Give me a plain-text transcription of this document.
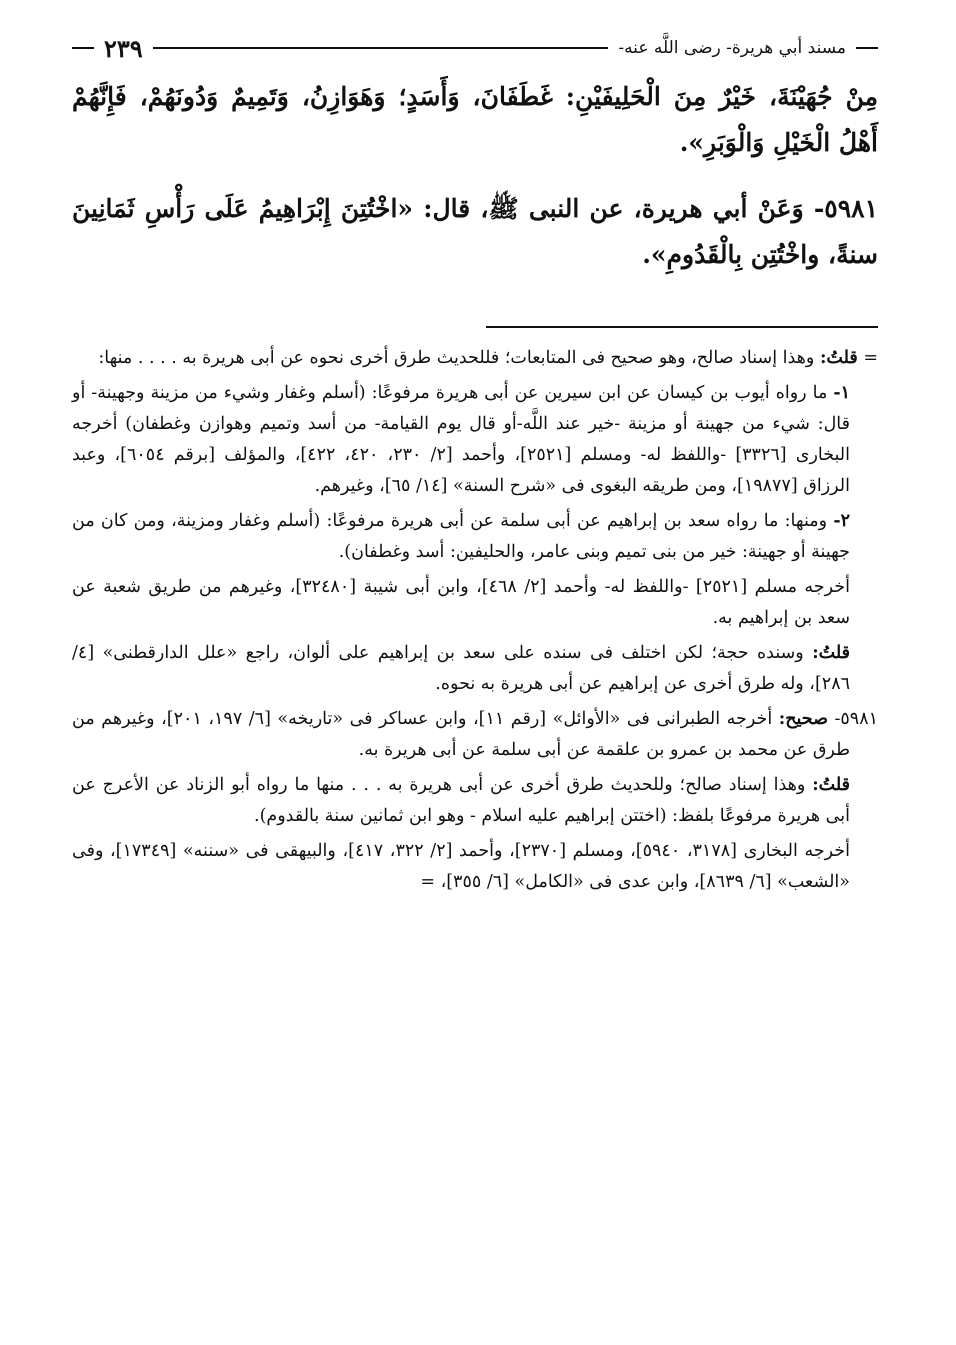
مسند أبي هريرة- رضى اللَّه عنه-
٢٣٩

مِنْ جُهَيْنَةَ، خَيْرٌ مِنَ الْحَلِيفَيْنِ: غَطَفَانَ، وَأَسَدٍ؛ وَهَوَازِنُ، وَتَمِيمٌ وَدُونَهُمْ، فَإِنَّهُمْ أَهْلُ الْخَيْلِ وَالْوَبَرِ».

٥٩٨١- وَعَنْ أبي هريرة، عن النبى ﷺ، قال: «اخْتُتِنَ إِبْرَاهِيمُ عَلَى رَأْسِ ثَمَانِينَ سنةً، واخْتُتِن بِالْقَدُومِ».

= قلتُ: وهذا إسناد صالح، وهو صحيح فى المتابعات؛ فللحديث طرق أخرى نحوه عن أبى هريرة به . . . . منها:

١- ما رواه أيوب بن كيسان عن ابن سيرين عن أبى هريرة مرفوعًا: (أسلم وغفار وشيء من مزينة وجهينة- أو قال: شيء من جهينة أو مزينة -خير عند اللَّه-أو قال يوم القيامة- من أسد وتميم وهوازن وغطفان) أخرجه البخارى [٣٣٢٦] -واللفظ له- ومسلم [٢٥٢١]، وأحمد [٢/ ٢٣٠، ٤٢٠، ٤٢٢]، والمؤلف [برقم ٦٠٥٤]، وعبد الرزاق [١٩٨٧٧]، ومن طريقه البغوى فى «شرح السنة» [١٤/ ٦٥]، وغيرهم.

٢- ومنها: ما رواه سعد بن إبراهيم عن أبى سلمة عن أبى هريرة مرفوعًا: (أسلم وغفار ومزينة، ومن كان من جهينة أو جهينة: خير من بنى تميم وبنى عامر، والحليفين: أسد وغطفان).

أخرجه مسلم [٢٥٢١] -واللفظ له- وأحمد [٢/ ٤٦٨]، وابن أبى شيبة [٣٢٤٨٠]، وغيرهم من طريق شعبة عن سعد بن إبراهيم به.

قلتُ: وسنده حجة؛ لكن اختلف فى سنده على سعد بن إبراهيم على ألوان، راجع «علل الدارقطنى» [٤/ ٢٨٦]، وله طرق أخرى عن إبراهيم عن أبى هريرة به نحوه.

٥٩٨١- صحيح: أخرجه الطبرانى فى «الأوائل» [رقم ١١]، وابن عساكر فى «تاريخه» [٦/ ١٩٧، ٢٠١]، وغيرهم من طرق عن محمد بن عمرو بن علقمة عن أبى سلمة عن أبى هريرة به.

قلتُ: وهذا إسناد صالح؛ وللحديث طرق أخرى عن أبى هريرة به . . . منها ما رواه أبو الزناد عن الأعرج عن أبى هريرة مرفوعًا بلفظ: (اختتن إبراهيم عليه اسلام - وهو ابن ثمانين سنة بالقدوم).

أخرجه البخارى [٣١٧٨، ٥٩٤٠]، ومسلم [٢٣٧٠]، وأحمد [٢/ ٣٢٢، ٤١٧]، والبيهقى فى «سننه» [١٧٣٤٩]، وفى «الشعب» [٦/ ٨٦٣٩]، وابن عدى فى «الكامل» [٦/ ٣٥٥]، =
